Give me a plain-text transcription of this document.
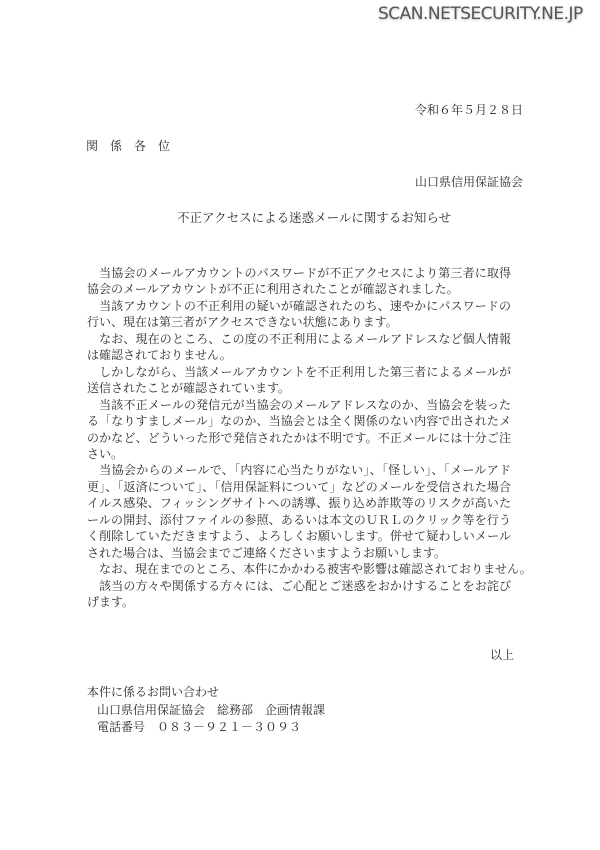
SCAN.NETSECURITY.NE.JP
令和６年５月２８日
関　係　各　位
山口県信用保証協会
不正アクセスによる迷惑メールに関するお知らせ
　当協会のメールアカウントのパスワードが不正アクセスにより第三者に取得
協会のメールアカウントが不正に利用されたことが確認されました。
　当該アカウントの不正利用の疑いが確認されたのち、速やかにパスワードの
行い、現在は第三者がアクセスできない状態にあります。
　なお、現在のところ、この度の不正利用によるメールアドレスなど個人情報
は確認されておりません。
　しかしながら、当該メールアカウントを不正利用した第三者によるメールが
送信されたことが確認されています。
　当該不正メールの発信元が当協会のメールアドレスなのか、当協会を装った
る「なりすましメール」なのか、当協会とは全く関係のない内容で出されたメ
のかなど、どういった形で発信されたかは不明です。不正メールには十分ご注
さい。
　当協会からのメールで、「内容に心当たりがない」、「怪しい」、「メールアド
更」、「返済について」、「信用保証料について」などのメールを受信された場合
イルス感染、フィッシングサイトへの誘導、振り込め詐欺等のリスクが高いた
ールの開封、添付ファイルの参照、あるいは本文のＵＲＬのクリック等を行う
く削除していただきますよう、よろしくお願いします。併せて疑わしいメール
された場合は、当協会までご連絡くださいますようお願いします。
　なお、現在までのところ、本件にかかわる被害や影響は確認されておりません。
　該当の方々や関係する方々には、ご心配とご迷惑をおかけすることをお詫び
げます。
以上
本件に係るお問い合わせ
山口県信用保証協会　総務部　企画情報課
電話番号　０８３－９２１－３０９３
